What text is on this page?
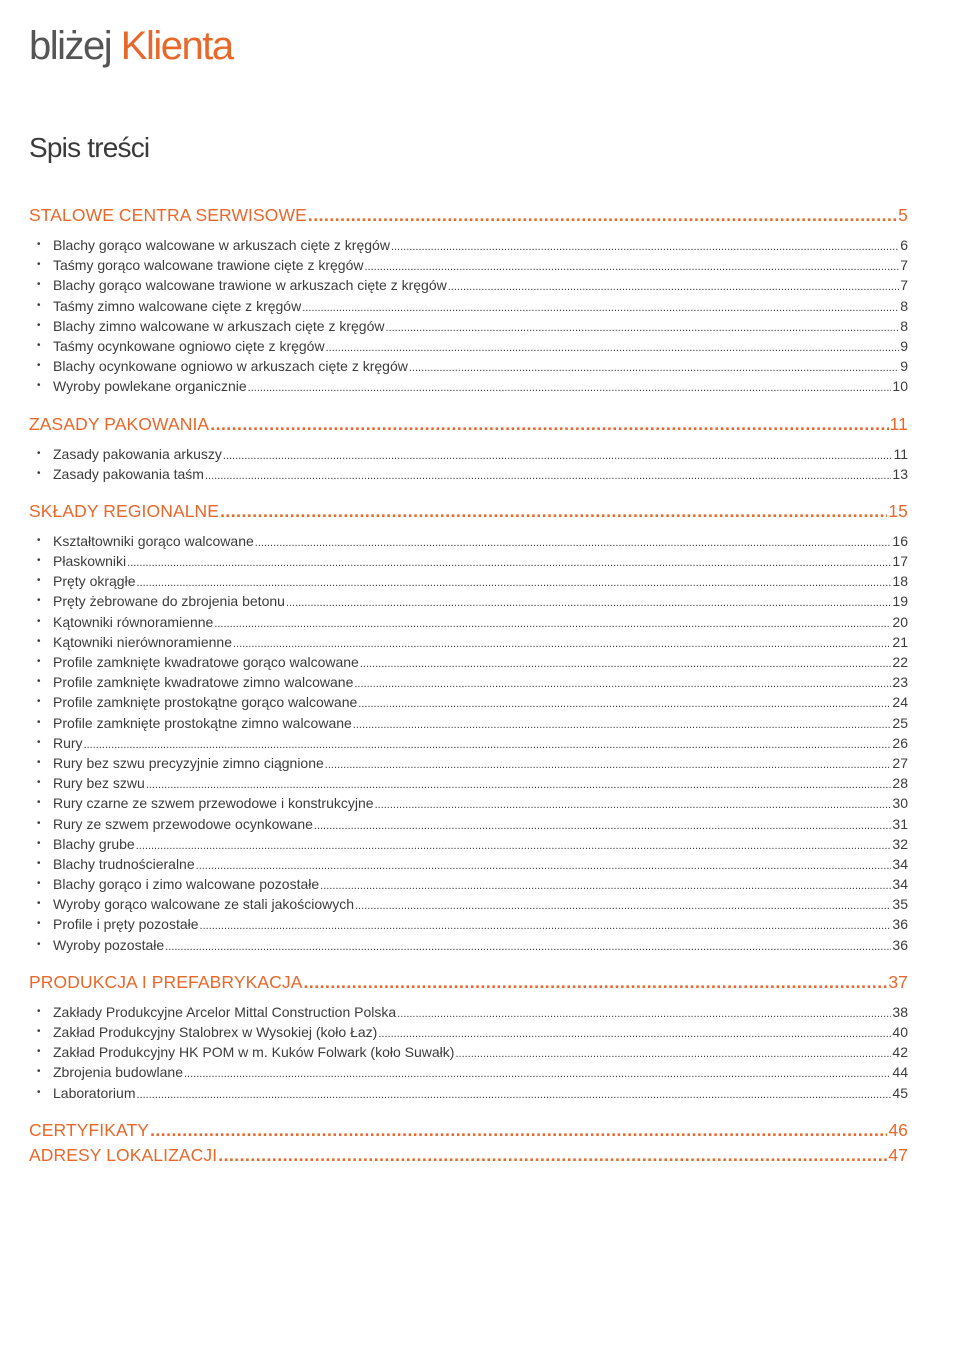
bliżej Klienta
Spis treści
STALOWE CENTRA SERWISOWE .....	5
• Blachy gorąco walcowane w arkuszach cięte z kręgów .....	6
• Taśmy gorąco walcowane trawione cięte z kręgów .....	7
• Blachy gorąco walcowane trawione w arkuszach cięte z kręgów .....	7
• Taśmy zimno walcowane cięte z kręgów .....	8
• Blachy zimno walcowane w arkuszach cięte z kręgów .....	8
• Taśmy ocynkowane ogniowo cięte z kręgów .....	9
• Blachy ocynkowane ogniowo w arkuszach cięte z kręgów .....	9
• Wyroby powlekane organicznie .....	10
ZASADY PAKOWANIA .....	11
• Zasady pakowania arkuszy .....	11
• Zasady pakowania taśm .....	13
SKŁADY REGIONALNE .....	15
• Kształtowniki gorąco walcowane .....	16
• Płaskowniki .....	17
• Pręty okrągłe .....	18
• Pręty żebrowane do zbrojenia betonu .....	19
• Kątowniki równoramienne .....	20
• Kątowniki nierównoramienne .....	21
• Profile zamknięte kwadratowe gorąco walcowane .....	22
• Profile zamknięte kwadratowe zimno walcowane .....	23
• Profile zamknięte prostokątne gorąco walcowane .....	24
• Profile zamknięte prostokątne zimno walcowane .....	25
• Rury .....	26
• Rury bez szwu precyzyjnie zimno ciągnione .....	27
• Rury bez szwu .....	28
• Rury czarne ze szwem przewodowe i konstrukcyjne .....	30
• Rury ze szwem przewodowe ocynkowane .....	31
• Blachy grube .....	32
• Blachy trudnościeralne .....	34
• Blachy gorąco i zimo walcowane pozostałe .....	34
• Wyroby gorąco walcowane ze stali jakościowych .....	35
• Profile i pręty pozostałe .....	36
• Wyroby pozostałe .....	36
PRODUKCJA I PREFABRYKACJA .....	37
• Zakłady Produkcyjne Arcelor Mittal Construction Polska .....	38
• Zakład Produkcyjny Stalobrex w Wysokiej (koło Łaz) .....	40
• Zakład Produkcyjny HK POM w m. Kuków Folwark (koło Suwałk) .....	42
• Zbrojenia budowlane .....	44
• Laboratorium .....	45
CERTYFIKATY .....	46
ADRESY LOKALIZACJI .....	47
